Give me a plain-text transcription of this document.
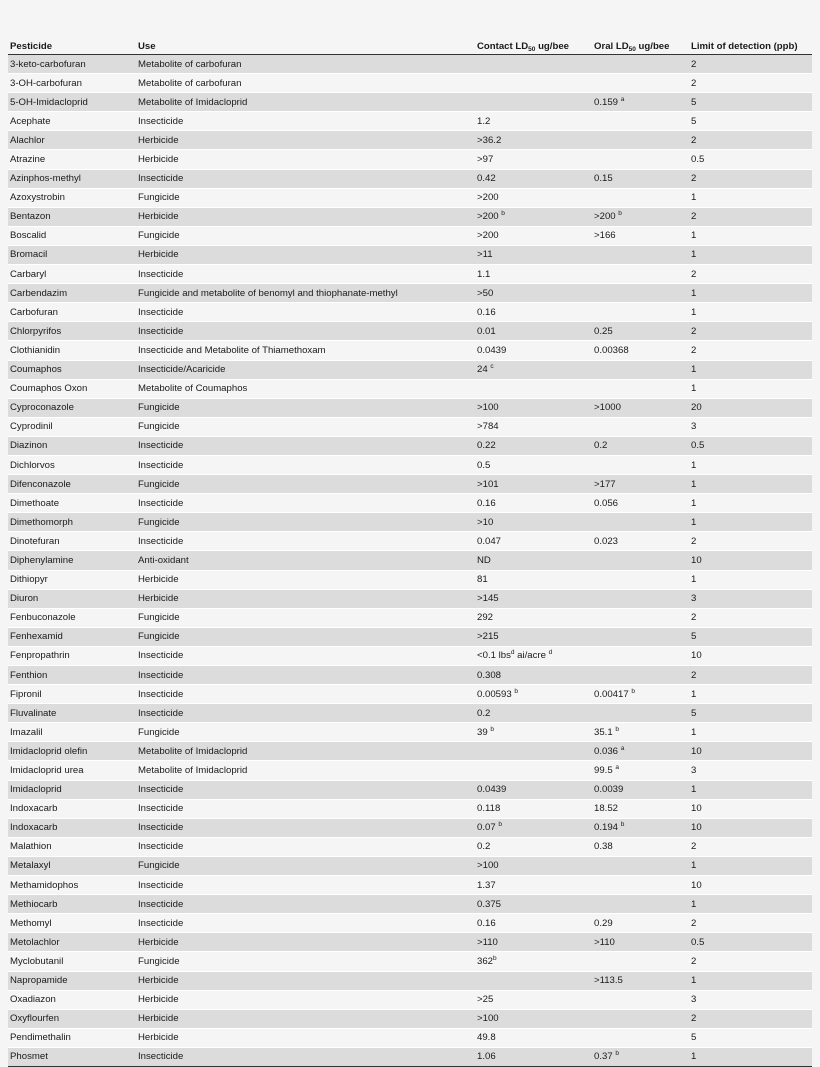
Pesticide	Use	Contact $LD_{50}$ ug/bee	Oral $LD_{50}$ ug/bee	Limit of detection (ppb)
3-keto-carbofuran	Metabolite of carbofuran			2
3-OH-carbofuran	Metabolite of carbofuran			2
5-OH-Imidacloprid	Metabolite of Imidacloprid		0.159 $^a$	5
Acephate	Insecticide	1.2		5
Alachlor	Herbicide	>36.2		2
Atrazine	Herbicide	>97		0.5
Azinphos-methyl	Insecticide	0.42	0.15	2
Azoxystrobin	Fungicide	>200		1
Bentazon	Herbicide	>200 $^b$	>200 $^b$	2
Boscalid	Fungicide	>200	>166	1
Bromacil	Herbicide	>11		1
Carbaryl	Insecticide	1.1		2
Carbendazim	Fungicide and metabolite of benomyl and thiophanate-methyl	>50		1
Carbofuran	Insecticide	0.16		1
Chlorpyrifos	Insecticide	0.01	0.25	2
Clothianidin	Insecticide and Metabolite of Thiamethoxam	0.0439	0.00368	2
Coumaphos	Insecticide/Acaricide	24 $^c$		1
Coumaphos Oxon	Metabolite of Coumaphos			1
Cyproconazole	Fungicide	>100	>1000	20
Cyprodinil	Fungicide	>784		3
Diazinon	Insecticide	0.22	0.2	0.5
Dichlorvos	Insecticide	0.5		1
Difenconazole	Fungicide	>101	>177	1
Dimethoate	Insecticide	0.16	0.056	1
Dimethomorph	Fungicide	>10		1
Dinotefuran	Insecticide	0.047	0.023	2
Diphenylamine	Anti-oxidant	ND		10
Dithiopyr	Herbicide	81		1
Diuron	Herbicide	>145		3
Fenbuconazole	Fungicide	292		2
Fenhexamid	Fungicide	>215		5
Fenpropathrin	Insecticide	<0.1 lbs$^d$ ai/acre $^d$		10
Fenthion	Insecticide	0.308		2
Fipronil	Insecticide	0.00593 $^b$	0.00417 $^b$	1
Fluvalinate	Insecticide	0.2		5
Imazalil	Fungicide	39 $^b$	35.1 $^b$	1
Imidacloprid olefin	Metabolite of Imidacloprid		0.036 $^a$	10
Imidacloprid urea	Metabolite of Imidacloprid		99.5 $^a$	3
Imidacloprid	Insecticide	0.0439	0.0039	1
Indoxacarb	Insecticide	0.118	18.52	10
Indoxacarb	Insecticide	0.07 $^b$	0.194 $^b$	10
Malathion	Insecticide	0.2	0.38	2
Metalaxyl	Fungicide	>100		1
Methamidophos	Insecticide	1.37		10
Methiocarb	Insecticide	0.375		1
Methomyl	Insecticide	0.16	0.29	2
Metolachlor	Herbicide	>110	>110	0.5
Myclobutanil	Fungicide	362$^b$		2
Napropamide	Herbicide		>113.5	1
Oxadiazon	Herbicide	>25		3
Oxyflourfen	Herbicide	>100		2
Pendimethalin	Herbicide	49.8		5
Phosmet	Insecticide	1.06	0.37 $^b$	1
